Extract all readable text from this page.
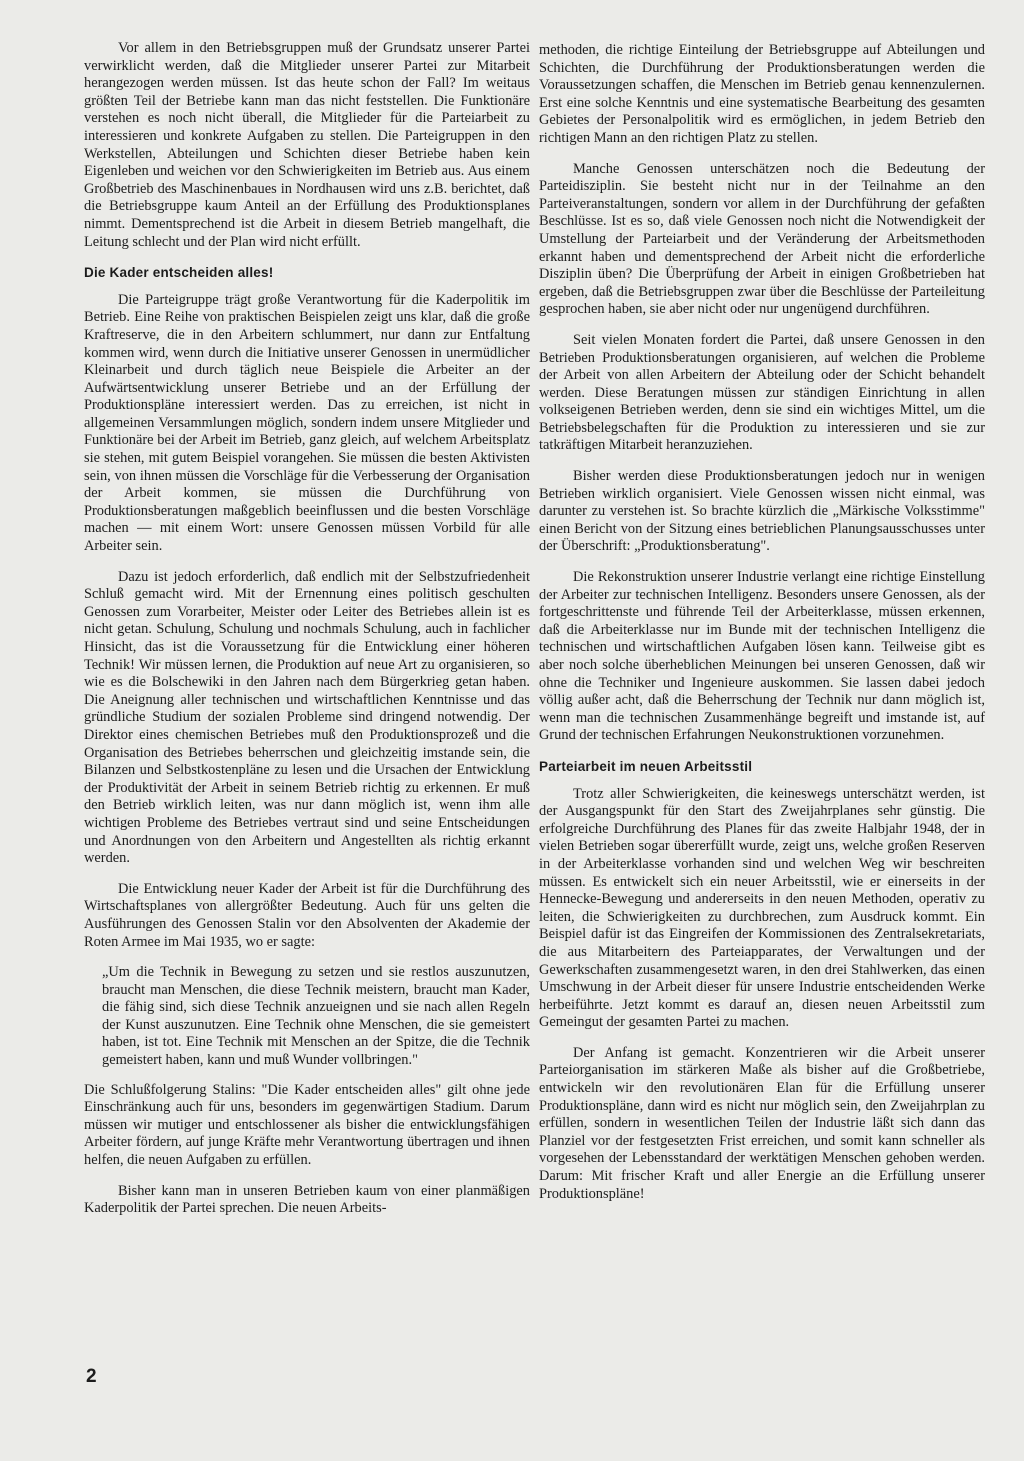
Vor allem in den Betriebsgruppen muß der Grundsatz unserer Partei verwirklicht werden, daß die Mitglieder unserer Partei zur Mitarbeit herangezogen werden müssen. Ist das heute schon der Fall? Im weitaus größten Teil der Betriebe kann man das nicht feststellen. Die Funktionäre verstehen es noch nicht überall, die Mitglieder für die Parteiarbeit zu interessieren und konkrete Aufgaben zu stellen. Die Parteigruppen in den Werkstellen, Abteilungen und Schichten dieser Betriebe haben kein Eigenleben und weichen vor den Schwierigkeiten im Betrieb aus. Aus einem Großbetrieb des Maschinenbaues in Nordhausen wird uns z.B. berichtet, daß die Betriebsgruppe kaum Anteil an der Erfüllung des Produktionsplanes nimmt. Dementsprechend ist die Arbeit in diesem Betrieb mangelhaft, die Leitung schlecht und der Plan wird nicht erfüllt.

Die Kader entscheiden alles!

Die Parteigruppe trägt große Verantwortung für die Kaderpolitik im Betrieb. Eine Reihe von praktischen Beispielen zeigt uns klar, daß die große Kraftreserve, die in den Arbeitern schlummert, nur dann zur Entfaltung kommen wird, wenn durch die Initiative unserer Genossen in unermüdlicher Kleinarbeit und durch täglich neue Beispiele die Arbeiter an der Aufwärtsentwicklung unserer Betriebe und an der Erfüllung der Produktionspläne interessiert werden. Das zu erreichen, ist nicht in allgemeinen Versammlungen möglich, sondern indem unsere Mitglieder und Funktionäre bei der Arbeit im Betrieb, ganz gleich, auf welchem Arbeitsplatz sie stehen, mit gutem Beispiel vorangehen. Sie müssen die besten Aktivisten sein, von ihnen müssen die Vorschläge für die Verbesserung der Organisation der Arbeit kommen, sie müssen die Durchführung von Produktionsberatungen maßgeblich beeinflussen und die besten Vorschläge machen — mit einem Wort: unsere Genossen müssen Vorbild für alle Arbeiter sein.

Dazu ist jedoch erforderlich, daß endlich mit der Selbstzufriedenheit Schluß gemacht wird. Mit der Ernennung eines politisch geschulten Genossen zum Vorarbeiter, Meister oder Leiter des Betriebes allein ist es nicht getan. Schulung, Schulung und nochmals Schulung, auch in fachlicher Hinsicht, das ist die Voraussetzung für die Entwicklung einer höheren Technik! Wir müssen lernen, die Produktion auf neue Art zu organisieren, so wie es die Bolschewiki in den Jahren nach dem Bürgerkrieg getan haben. Die Aneignung aller technischen und wirtschaftlichen Kenntnisse und das gründliche Studium der sozialen Probleme sind dringend notwendig. Der Direktor eines chemischen Betriebes muß den Produktionsprozeß und die Organisation des Betriebes beherrschen und gleichzeitig imstande sein, die Bilanzen und Selbstkostenpläne zu lesen und die Ursachen der Entwicklung der Produktivität der Arbeit in seinem Betrieb richtig zu erkennen. Er muß den Betrieb wirklich leiten, was nur dann möglich ist, wenn ihm alle wichtigen Probleme des Betriebes vertraut sind und seine Entscheidungen und Anordnungen von den Arbeitern und Angestellten als richtig erkannt werden.

Die Entwicklung neuer Kader der Arbeit ist für die Durchführung des Wirtschaftsplanes von allergrößter Bedeutung. Auch für uns gelten die Ausführungen des Genossen Stalin vor den Absolventen der Akademie der Roten Armee im Mai 1935, wo er sagte:

„Um die Technik in Bewegung zu setzen und sie restlos auszunutzen, braucht man Menschen, die diese Technik meistern, braucht man Kader, die fähig sind, sich diese Technik anzueignen und sie nach allen Regeln der Kunst auszunutzen. Eine Technik ohne Menschen, die sie gemeistert haben, ist tot. Eine Technik mit Menschen an der Spitze, die die Technik gemeistert haben, kann und muß Wunder vollbringen."

Die Schlußfolgerung Stalins: "Die Kader entscheiden alles" gilt ohne jede Einschränkung auch für uns, besonders im gegenwärtigen Stadium. Darum müssen wir mutiger und entschlossener als bisher die entwicklungsfähigen Arbeiter fördern, auf junge Kräfte mehr Verantwortung übertragen und ihnen helfen, die neuen Aufgaben zu erfüllen.

Bisher kann man in unseren Betrieben kaum von einer planmäßigen Kaderpolitik der Partei sprechen. Die neuen Arbeits-

methoden, die richtige Einteilung der Betriebsgruppe auf Abteilungen und Schichten, die Durchführung der Produktionsberatungen werden die Voraussetzungen schaffen, die Menschen im Betrieb genau kennenzulernen. Erst eine solche Kenntnis und eine systematische Bearbeitung des gesamten Gebietes der Personalpolitik wird es ermöglichen, in jedem Betrieb den richtigen Mann an den richtigen Platz zu stellen.

Manche Genossen unterschätzen noch die Bedeutung der Parteidisziplin. Sie besteht nicht nur in der Teilnahme an den Parteiveranstaltungen, sondern vor allem in der Durchführung der gefaßten Beschlüsse. Ist es so, daß viele Genossen noch nicht die Notwendigkeit der Umstellung der Parteiarbeit und der Veränderung der Arbeitsmethoden erkannt haben und dementsprechend der Arbeit nicht die erforderliche Disziplin üben? Die Überprüfung der Arbeit in einigen Großbetrieben hat ergeben, daß die Betriebsgruppen zwar über die Beschlüsse der Parteileitung gesprochen haben, sie aber nicht oder nur ungenügend durchführen.

Seit vielen Monaten fordert die Partei, daß unsere Genossen in den Betrieben Produktionsberatungen organisieren, auf welchen die Probleme der Arbeit von allen Arbeitern der Abteilung oder der Schicht behandelt werden. Diese Beratungen müssen zur ständigen Einrichtung in allen volkseigenen Betrieben werden, denn sie sind ein wichtiges Mittel, um die Betriebsbelegschaften für die Produktion zu interessieren und sie zur tatkräftigen Mitarbeit heranzuziehen.

Bisher werden diese Produktionsberatungen jedoch nur in wenigen Betrieben wirklich organisiert. Viele Genossen wissen nicht einmal, was darunter zu verstehen ist. So brachte kürzlich die „Märkische Volksstimme" einen Bericht von der Sitzung eines betrieblichen Planungsausschusses unter der Überschrift: „Produktionsberatung".

Die Rekonstruktion unserer Industrie verlangt eine richtige Einstellung der Arbeiter zur technischen Intelligenz. Besonders unsere Genossen, als der fortgeschrittenste und führende Teil der Arbeiterklasse, müssen erkennen, daß die Arbeiterklasse nur im Bunde mit der technischen Intelligenz die technischen und wirtschaftlichen Aufgaben lösen kann. Teilweise gibt es aber noch solche überheblichen Meinungen bei unseren Genossen, daß wir ohne die Techniker und Ingenieure auskommen. Sie lassen dabei jedoch völlig außer acht, daß die Beherrschung der Technik nur dann möglich ist, wenn man die technischen Zusammenhänge begreift und imstande ist, auf Grund der technischen Erfahrungen Neukonstruktionen vorzunehmen.

Parteiarbeit im neuen Arbeitsstil

Trotz aller Schwierigkeiten, die keineswegs unterschätzt werden, ist der Ausgangspunkt für den Start des Zweijahrplanes sehr günstig. Die erfolgreiche Durchführung des Planes für das zweite Halbjahr 1948, der in vielen Betrieben sogar übererfüllt wurde, zeigt uns, welche großen Reserven in der Arbeiterklasse vorhanden sind und welchen Weg wir beschreiten müssen. Es entwickelt sich ein neuer Arbeitsstil, wie er einerseits in der Hennecke-Bewegung und andererseits in den neuen Methoden, operativ zu leiten, die Schwierigkeiten zu durchbrechen, zum Ausdruck kommt. Ein Beispiel dafür ist das Eingreifen der Kommissionen des Zentralsekretariats, die aus Mitarbeitern des Parteiapparates, der Verwaltungen und der Gewerkschaften zusammengesetzt waren, in den drei Stahlwerken, das einen Umschwung in der Arbeit dieser für unsere Industrie entscheidenden Werke herbeiführte. Jetzt kommt es darauf an, diesen neuen Arbeitsstil zum Gemeingut der gesamten Partei zu machen.

Der Anfang ist gemacht. Konzentrieren wir die Arbeit unserer Parteiorganisation im stärkeren Maße als bisher auf die Großbetriebe, entwickeln wir den revolutionären Elan für die Erfüllung unserer Produktionspläne, dann wird es nicht nur möglich sein, den Zweijahrplan zu erfüllen, sondern in wesentlichen Teilen der Industrie läßt sich dann das Planziel vor der festgesetzten Frist erreichen, und somit kann schneller als vorgesehen der Lebensstandard der werktätigen Menschen gehoben werden. Darum: Mit frischer Kraft und aller Energie an die Erfüllung unserer Produktionspläne!

2
